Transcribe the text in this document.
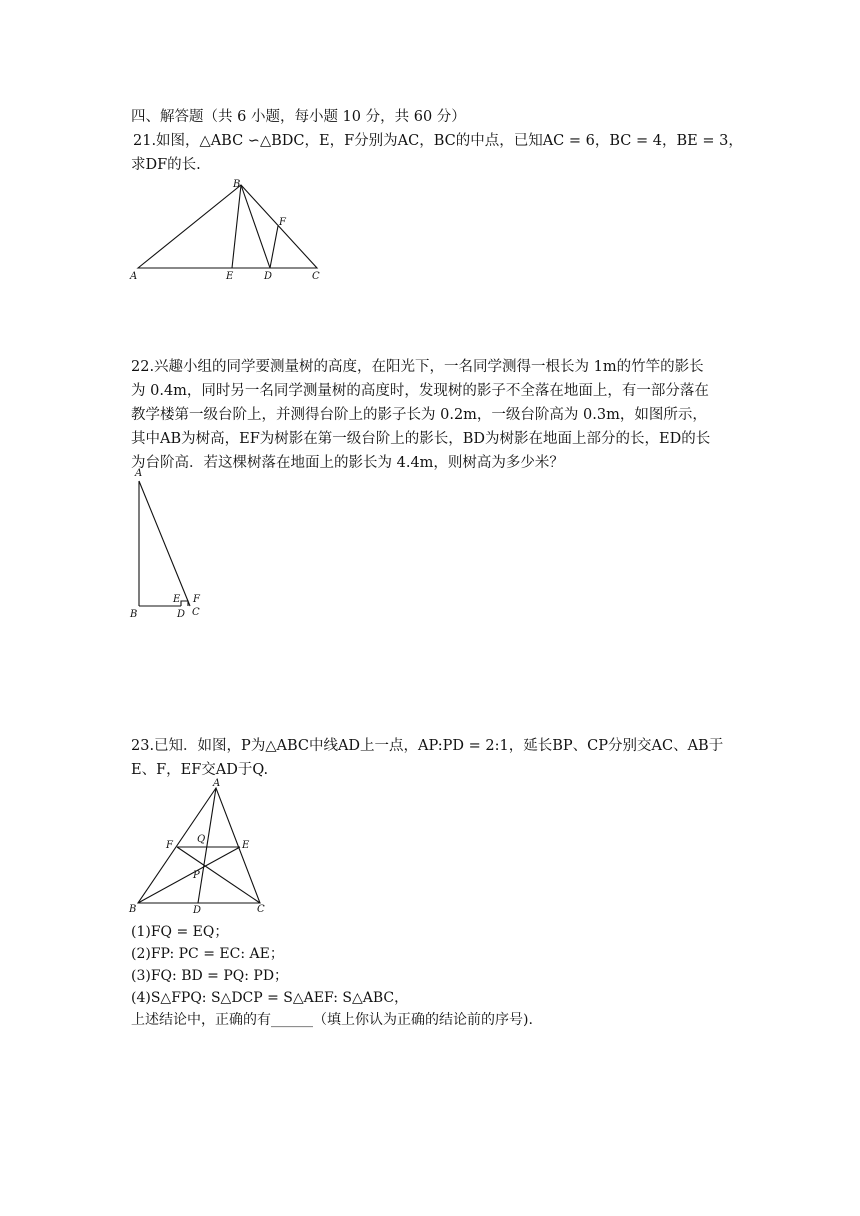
四、解答题（共 6 小题，每小题 10 分，共 60 分）
21.如图，△ABC ∽△BDC，E，F分别为AC，BC的中点，已知AC = 6，BC = 4，BE = 3，
求DF的长.
A
B
C
D
E
F
22.兴趣小组的同学要测量树的高度，在阳光下，一名同学测得一根长为 1m的竹竿的影长
为 0.4m，同时另一名同学测量树的高度时，发现树的影子不全落在地面上，有一部分落在
教学楼第一级台阶上，并测得台阶上的影子长为 0.2m，一级台阶高为 0.3m，如图所示，
其中AB为树高，EF为树影在第一级台阶上的影长，BD为树影在地面上部分的长，ED的长
为台阶高．若这棵树落在地面上的影长为 4.4m，则树高为多少米？
A
B	C
D
E F
23.已知．如图，P为△ABC中线AD上一点，AP:PD = 2:1，延长BP、CP分别交AC、AB于
E、F，EF交AD于Q.
A
B	C
D
E
F
P
Q
(1)FQ = EQ；
(2)FP: PC = EC: AE；
(3)FQ: BD = PQ: PD；
(4)S△FPQ: S△DCP = S△AEF: S△ABC，
上述结论中，正确的有______（填上你认为正确的结论前的序号).
